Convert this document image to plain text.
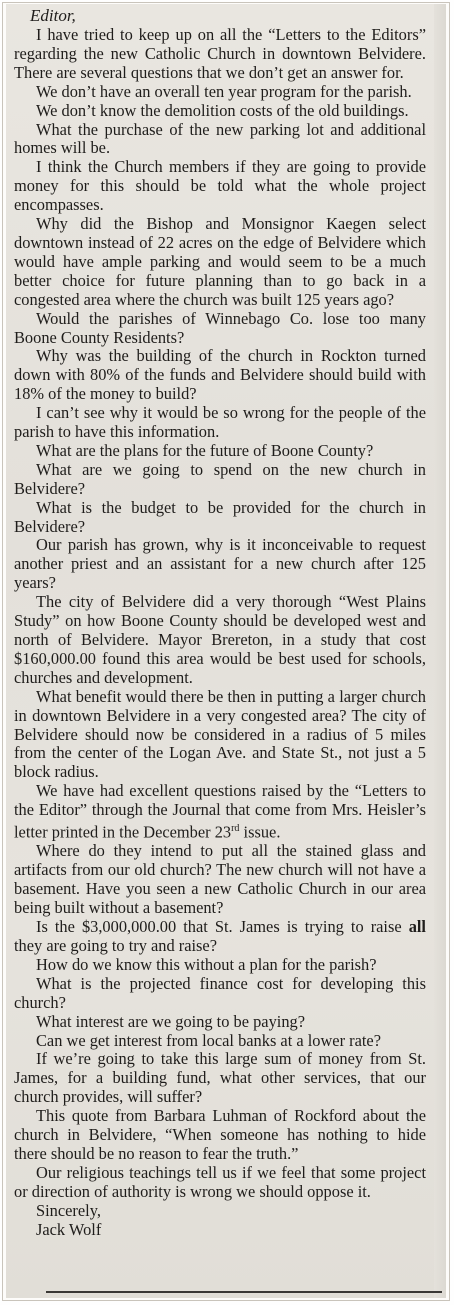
Editor,

I have tried to keep up on all the “Letters to the Editors” regarding the new Catholic Church in downtown Belvidere. There are several questions that we don’t get an answer for.

We don’t have an overall ten year program for the parish.

We don’t know the demolition costs of the old buildings.

What the purchase of the new parking lot and additional homes will be.

I think the Church members if they are going to provide money for this should be told what the whole project encompasses.

Why did the Bishop and Monsignor Kaegen select downtown instead of 22 acres on the edge of Belvidere which would have ample parking and would seem to be a much better choice for future planning than to go back in a congested area where the church was built 125 years ago?

Would the parishes of Winnebago Co. lose too many Boone County Residents?

Why was the building of the church in Rockton turned down with 80% of the funds and Belvidere should build with 18% of the money to build?

I can’t see why it would be so wrong for the people of the parish to have this information.

What are the plans for the future of Boone County?

What are we going to spend on the new church in Belvidere?

What is the budget to be provided for the church in Belvidere?

Our parish has grown, why is it inconceivable to request another priest and an assistant for a new church after 125 years?

The city of Belvidere did a very thorough “West Plains Study” on how Boone County should be developed west and north of Belvidere. Mayor Brereton, in a study that cost $160,000.00 found this area would be best used for schools, churches and development.

What benefit would there be then in putting a larger church in downtown Belvidere in a very congested area? The city of Belvidere should now be considered in a radius of 5 miles from the center of the Logan Ave. and State St., not just a 5 block radius.

We have had excellent questions raised by the “Letters to the Editor” through the Journal that come from Mrs. Heisler’s letter printed in the December 23rd issue.

Where do they intend to put all the stained glass and artifacts from our old church? The new church will not have a basement. Have you seen a new Catholic Church in our area being built without a basement?

Is the $3,000,000.00 that St. James is trying to raise all they are going to try and raise?

How do we know this without a plan for the parish?

What is the projected finance cost for developing this church?

What interest are we going to be paying?

Can we get interest from local banks at a lower rate?

If we’re going to take this large sum of money from St. James, for a building fund, what other services, that our church provides, will suffer?

This quote from Barbara Luhman of Rockford about the church in Belvidere, “When someone has nothing to hide there should be no reason to fear the truth.”

Our religious teachings tell us if we feel that some project or direction of authority is wrong we should oppose it.

Sincerely,

Jack Wolf
